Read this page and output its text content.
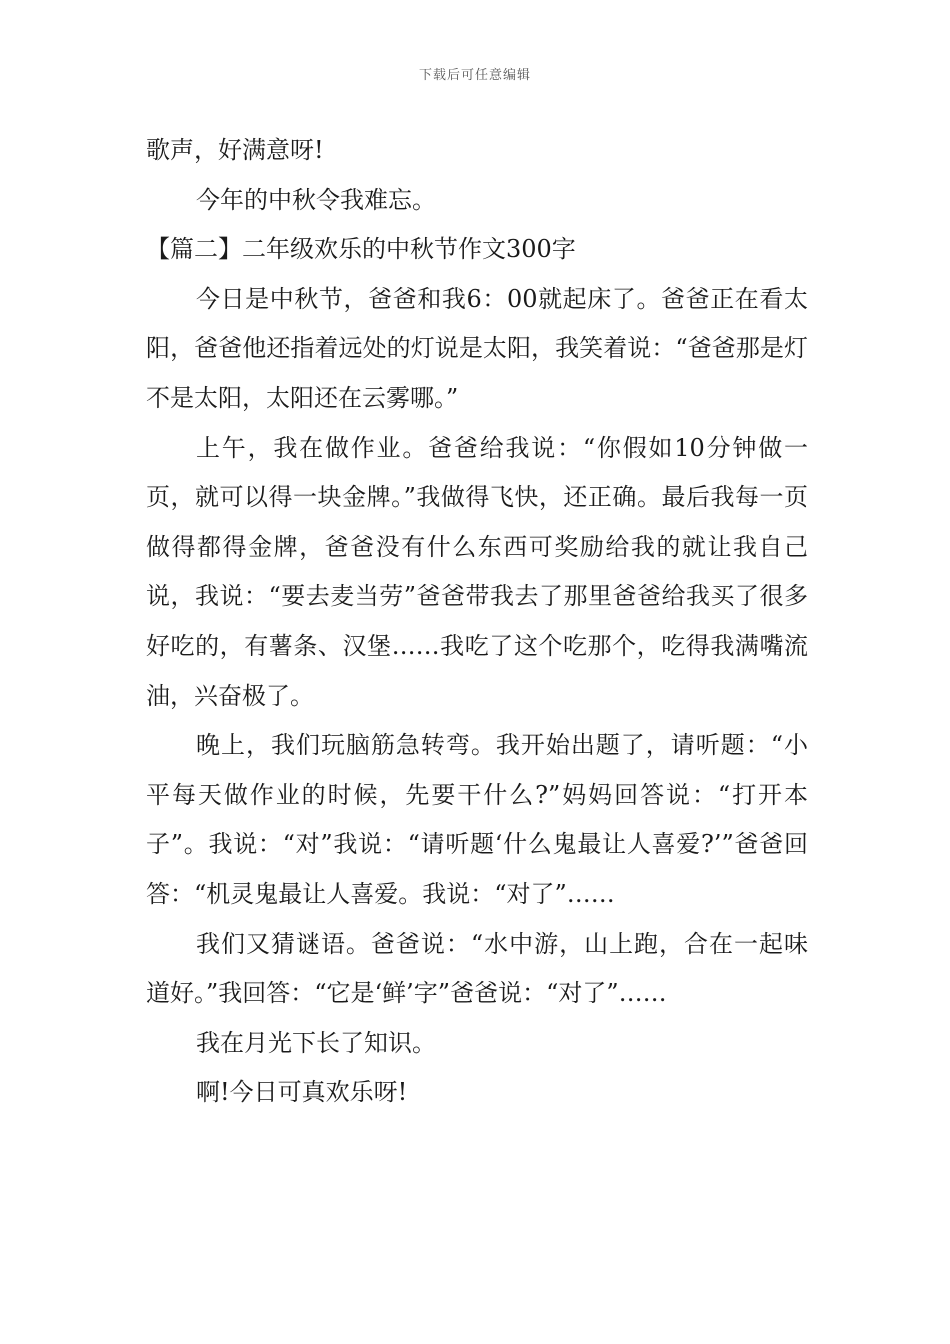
下载后可任意编辑

歌声，好满意呀!

今年的中秋令我难忘。

【篇二】二年级欢乐的中秋节作文300字

今日是中秋节，爸爸和我6：00就起床了。爸爸正在看太阳，爸爸他还指着远处的灯说是太阳，我笑着说：“爸爸那是灯不是太阳，太阳还在云雾哪。”

上午，我在做作业。爸爸给我说：“你假如10分钟做一页，就可以得一块金牌。”我做得飞快，还正确。最后我每一页做得都得金牌，爸爸没有什么东西可奖励给我的就让我自己说，我说：“要去麦当劳”爸爸带我去了那里爸爸给我买了很多好吃的，有薯条、汉堡……我吃了这个吃那个，吃得我满嘴流油，兴奋极了。

晚上，我们玩脑筋急转弯。我开始出题了，请听题：“小平每天做作业的时候，先要干什么?”妈妈回答说：“打开本子”。我说：“对”我说：“请听题‘什么鬼最让人喜爱?’”爸爸回答：“机灵鬼最让人喜爱。我说：“对了”……

我们又猜谜语。爸爸说：“水中游，山上跑，合在一起味道好。”我回答：“它是‘鲜’字”爸爸说：“对了”……

我在月光下长了知识。

啊!今日可真欢乐呀!
